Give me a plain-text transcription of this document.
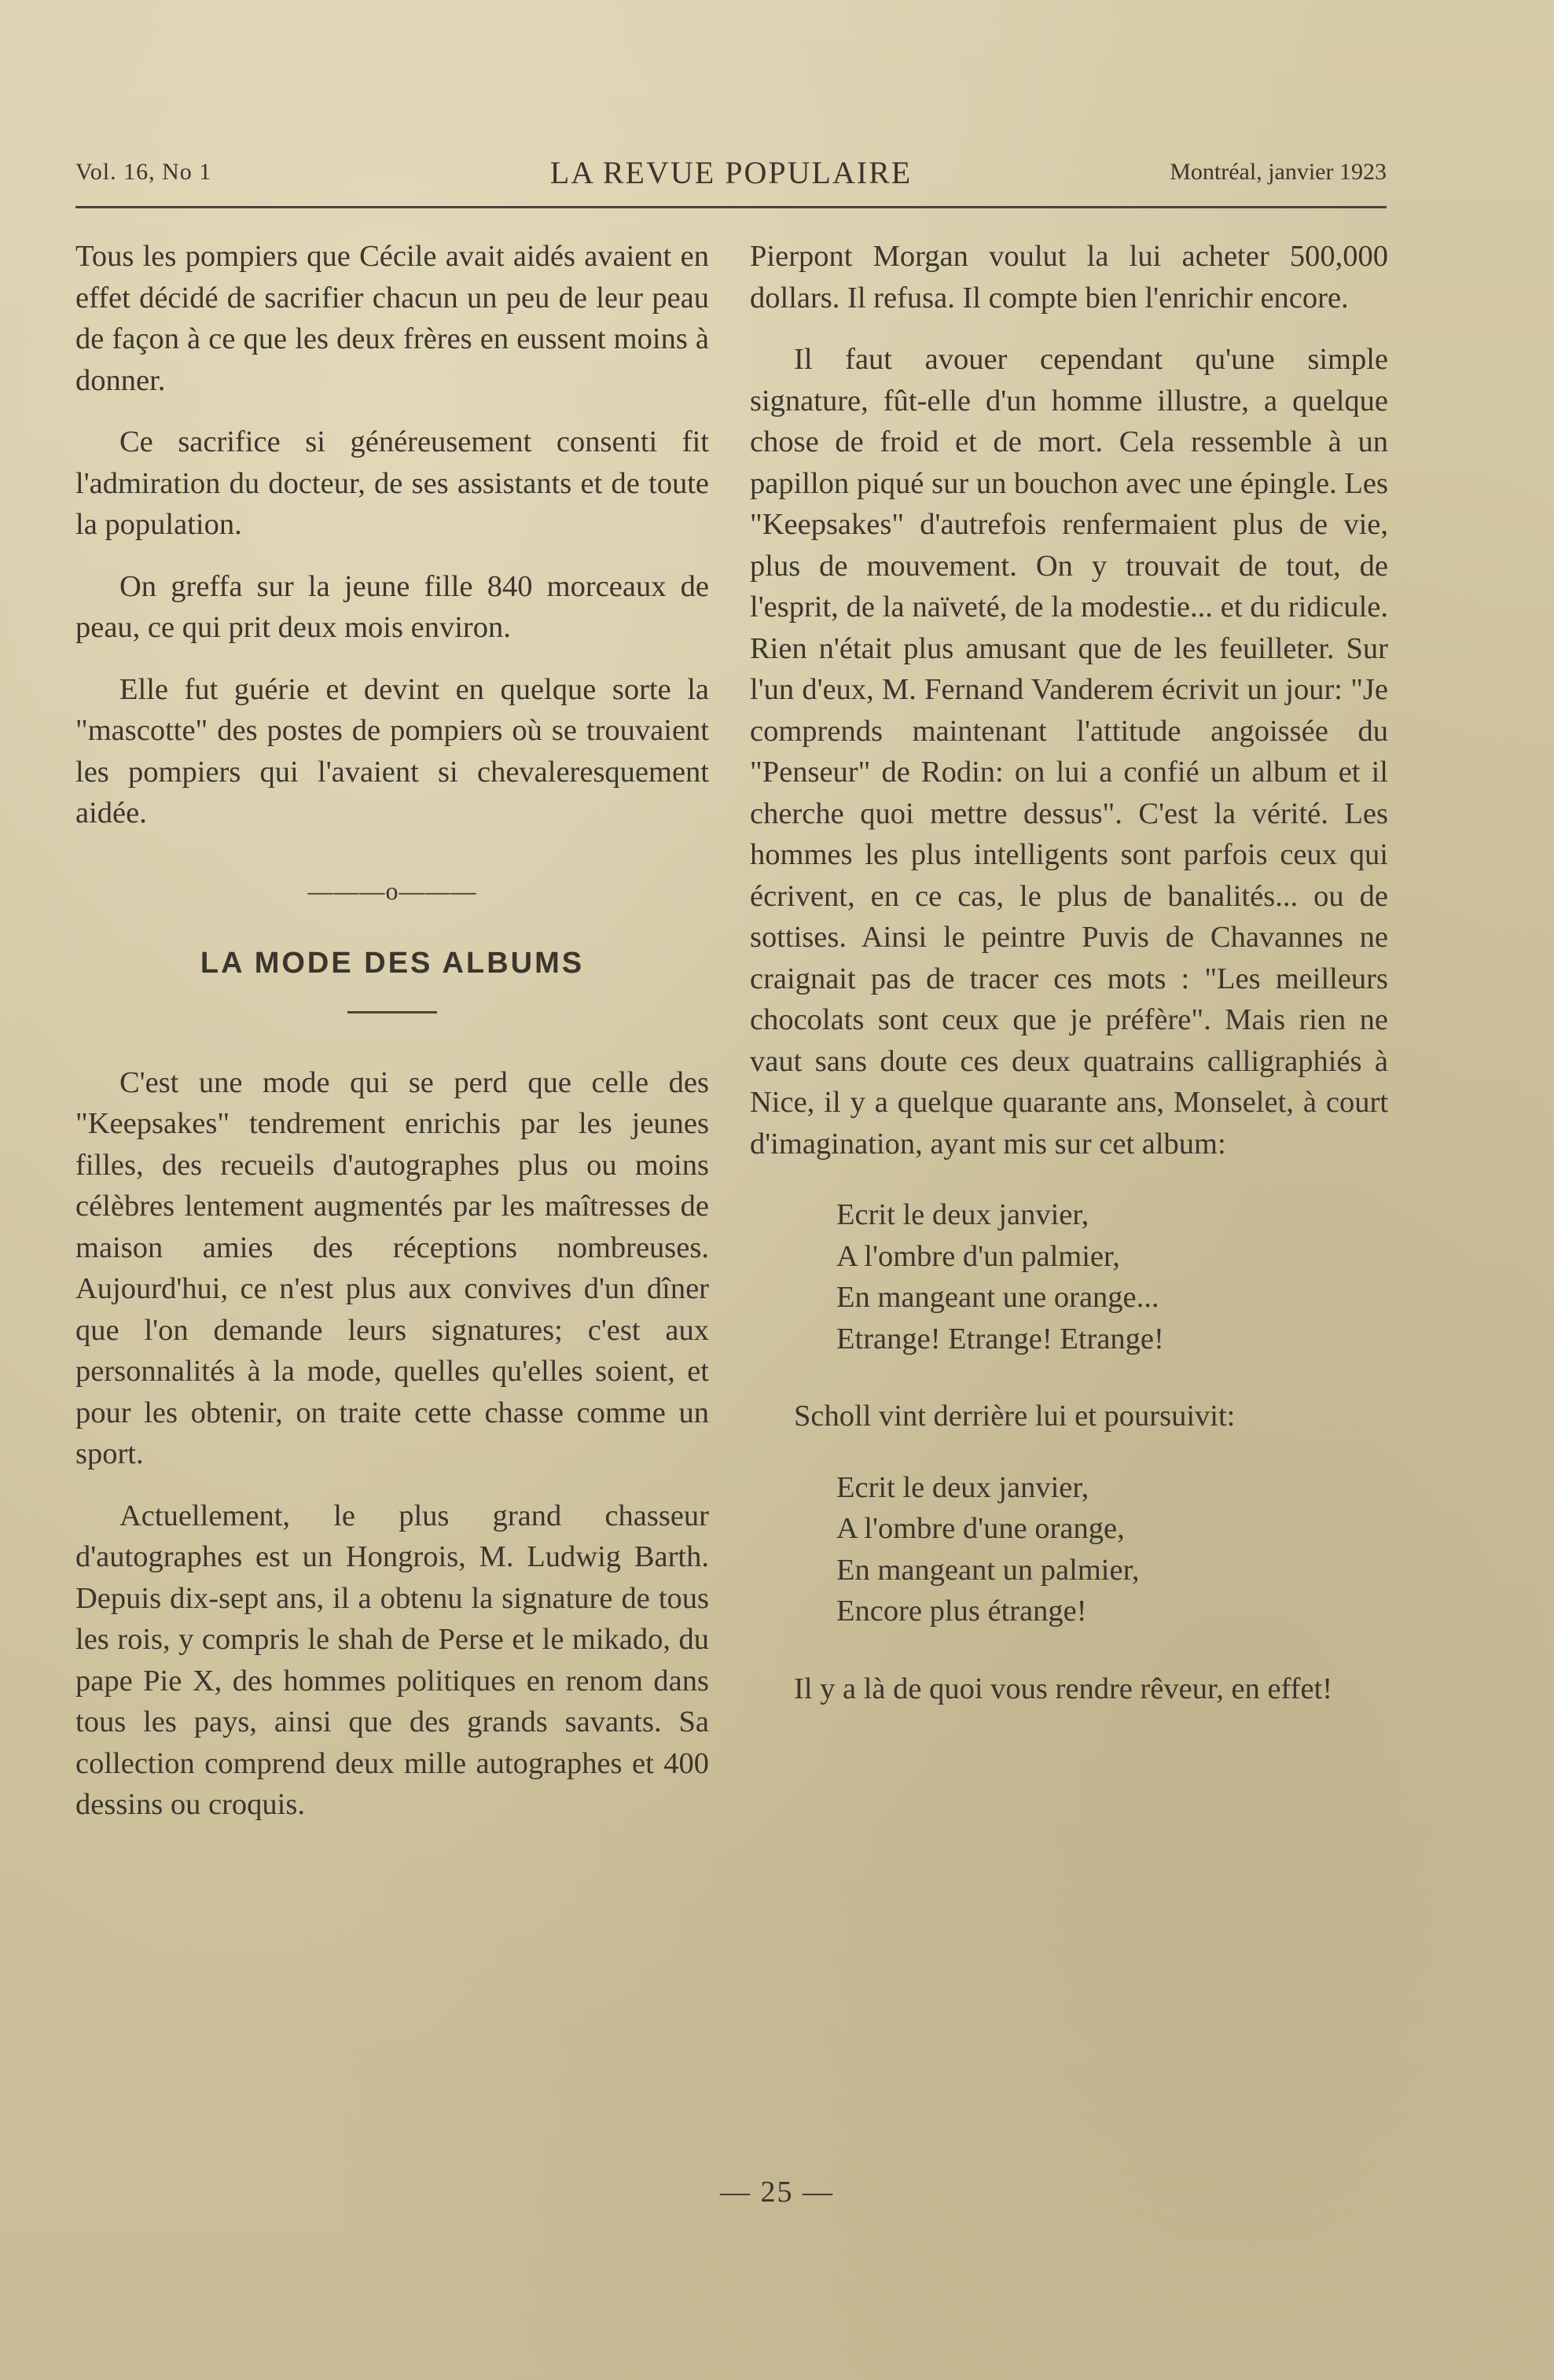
Vol. 16, No 1	LA REVUE POPULAIRE	Montréal, janvier 1923

Tous les pompiers que Cécile avait aidés avaient en effet décidé de sacrifier chacun un peu de leur peau de façon à ce que les deux frères en eussent moins à donner.

Ce sacrifice si généreusement consenti fit l'admiration du docteur, de ses assistants et de toute la population.

On greffa sur la jeune fille 840 morceaux de peau, ce qui prit deux mois environ.

Elle fut guérie et devint en quelque sorte la "mascotte" des postes de pompiers où se trouvaient les pompiers qui l'avaient si chevaleresquement aidée.

———o———
LA MODE DES ALBUMS

C'est une mode qui se perd que celle des "Keepsakes" tendrement enrichis par les jeunes filles, des recueils d'autographes plus ou moins célèbres lentement augmentés par les maîtresses de maison amies des réceptions nombreuses. Aujourd'hui, ce n'est plus aux convives d'un dîner que l'on demande leurs signatures; c'est aux personnalités à la mode, quelles qu'elles soient, et pour les obtenir, on traite cette chasse comme un sport.

Actuellement, le plus grand chasseur d'autographes est un Hongrois, M. Ludwig Barth. Depuis dix-sept ans, il a obtenu la signature de tous les rois, y compris le shah de Perse et le mikado, du pape Pie X, des hommes politiques en renom dans tous les pays, ainsi que des grands savants. Sa collection comprend deux mille autographes et 400 dessins ou croquis.

Pierpont Morgan voulut la lui acheter 500,000 dollars. Il refusa. Il compte bien l'enrichir encore.

Il faut avouer cependant qu'une simple signature, fût-elle d'un homme illustre, a quelque chose de froid et de mort. Cela ressemble à un papillon piqué sur un bouchon avec une épingle. Les "Keepsakes" d'autrefois renfermaient plus de vie, plus de mouvement. On y trouvait de tout, de l'esprit, de la naïveté, de la modestie... et du ridicule. Rien n'était plus amusant que de les feuilleter. Sur l'un d'eux, M. Fernand Vanderem écrivit un jour: "Je comprends maintenant l'attitude angoissée du "Penseur" de Rodin: on lui a confié un album et il cherche quoi mettre dessus". C'est la vérité. Les hommes les plus intelligents sont parfois ceux qui écrivent, en ce cas, le plus de banalités... ou de sottises. Ainsi le peintre Puvis de Chavannes ne craignait pas de tracer ces mots : "Les meilleurs chocolats sont ceux que je préfère". Mais rien ne vaut sans doute ces deux quatrains calligraphiés à Nice, il y a quelque quarante ans, Monselet, à court d'imagination, ayant mis sur cet album:

Ecrit le deux janvier,
A l'ombre d'un palmier,
En mangeant une orange...
Etrange! Etrange! Etrange!

Scholl vint derrière lui et poursuivit:

Ecrit le deux janvier,
A l'ombre d'une orange,
En mangeant un palmier,
Encore plus étrange!

Il y a là de quoi vous rendre rêveur, en effet!

— 25 —
